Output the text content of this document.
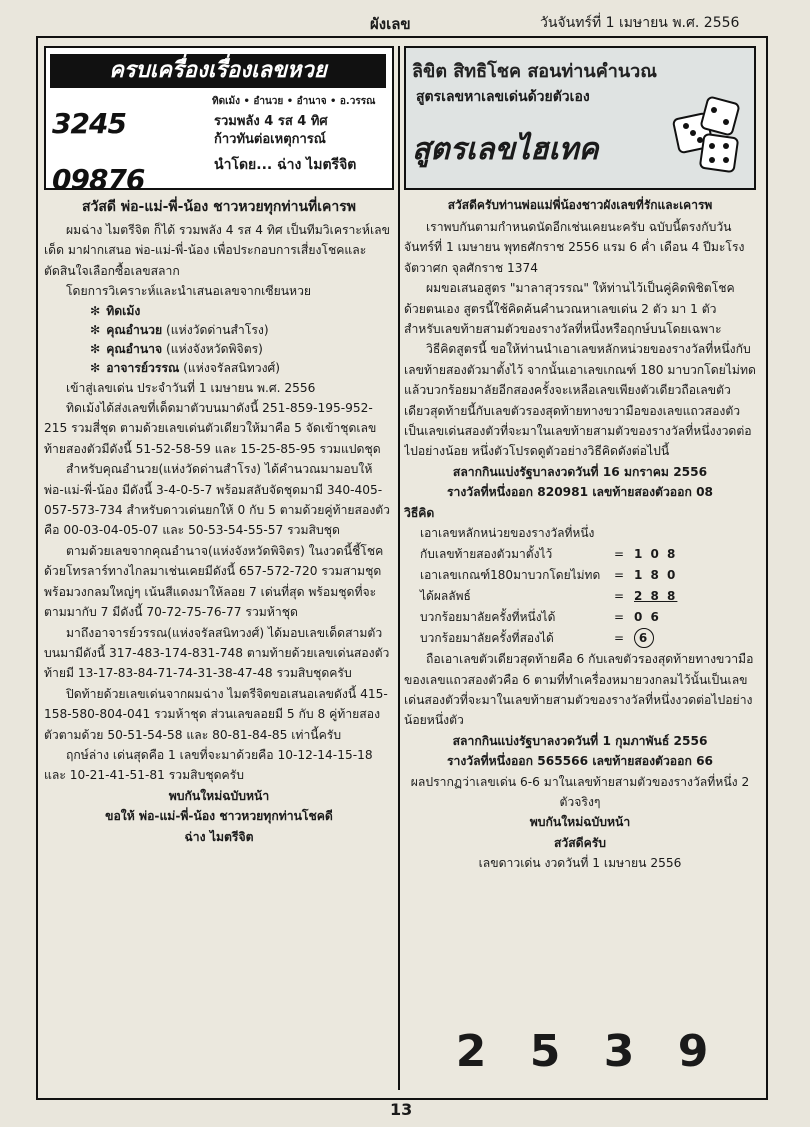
ผังเลข	วันจันทร์ที่ 1 เมษายน พ.ศ. 2556
ครบเครื่องเรื่องเลขหวย
3245 09876
ทิดเม้ง • อำนวย • อำนาจ • อ.วรรณ
รวมพลัง 4 รส 4 ทิศ
ก้าวทันต่อเหตุการณ์
นำโดย... ฉ่าง ไมตรีจิต
สวัสดี พ่อ-แม่-พี่-น้อง ชาวหวยทุกท่านที่เคารพ

ผมฉ่าง ไมตรีจิต ก็ได้ รวมพลัง 4 รส 4 ทิศ เป็นทีมวิเคราะห์เลขเด็ด มาฝากเสนอ พ่อ-แม่-พี่-น้อง เพื่อประกอบการเสี่ยงโชคและตัดสินใจเลือกซื้อเลขสลาก

โดยการวิเคราะห์และนำเสนอเลขจากเซียนหวย

✻ ทิดเม้ง
✻ คุณอำนวย (แห่งวัดด่านสำโรง)
✻ คุณอำนาจ (แห่งจังหวัดพิจิตร)
✻ อาจารย์วรรณ (แห่งจรัลสนิทวงศ์)

เข้าสู่เลขเด่น ประจำวันที่ 1 เมษายน พ.ศ. 2556

ทิดเม้งได้ส่งเลขที่เด็ดมาตัวบนมาดังนี้ 251-859-195-952-215 รวมสี่ชุด ตามด้วยเลขเด่นตัวเดียวให้มาคือ 5 จัดเข้าชุดเลขท้ายสองตัวมีดังนี้ 51-52-58-59 และ 15-25-85-95 รวมแปดชุด

สำหรับคุณอำนวย(แห่งวัดด่านสำโรง) ได้คำนวณมามอบให้ พ่อ-แม่-พี่-น้อง มีดังนี้ 3-4-0-5-7 พร้อมสลับจัดชุดมามี 340-405-057-573-734 สำหรับดาวเด่นยกให้ 0 กับ 5 ตามด้วยคู่ท้ายสองตัวคือ 00-03-04-05-07 และ 50-53-54-55-57 รวมสิบชุด

ตามด้วยเลขจากคุณอำนาจ(แห่งจังหวัดพิจิตร) ในงวดนี้ชี้โชคด้วยโทรลาร์ทางไกลมาเช่นเคยมีดังนี้ 657-572-720 รวมสามชุด พร้อมวงกลมใหญ่ๆ เน้นสีแดงมาให้ลอย 7 เด่นที่สุด พร้อมชุดที่จะตามมากับ 7 มีดังนี้ 70-72-75-76-77 รวมห้าชุด

มาถึงอาจารย์วรรณ(แห่งจรัลสนิทวงศ์) ได้มอบเลขเด็ดสามตัวบนมามีดังนี้ 317-483-174-831-748 ตามท้ายด้วยเลขเด่นสองตัวท้ายมี 13-17-83-84-71-74-31-38-47-48 รวมสิบชุดครับ

ปิดท้ายด้วยเลขเด่นจากผมฉ่าง ไมตรีจิตขอเสนอเลขดังนี้ 415-158-580-804-041 รวมห้าชุด ส่วนเลขลอยมี 5 กับ 8 คู่ท้ายสองตัวตามด้วย 50-51-54-58 และ 80-81-84-85 เท่านี้ครับ

ฤกษ์ล่าง เด่นสุดคือ 1 เลขที่จะมาด้วยคือ 10-12-14-15-18 และ 10-21-41-51-81 รวมสิบชุดครับ

พบกันใหม่ฉบับหน้า

ขอให้ พ่อ-แม่-พี่-น้อง ชาวหวยทุกท่านโชคดี

ฉ่าง ไมตรีจิต

ลิขิต สิทธิโชค สอนท่านคำนวณ
สูตรเลขหาเลขเด่นด้วยตัวเอง
สูตรเลขไฮเทค
สวัสดีครับท่านพ่อแม่พี่น้องชาวผังเลขที่รักและเคารพ

เราพบกันตามกำหนดนัดอีกเช่นเคยนะครับ ฉบับนี้ตรงกับวันจันทร์ที่ 1 เมษายน พุทธศักราช 2556 แรม 6 ค่ำ เดือน 4 ปีมะโรง จัตวาศก จุลศักราช 1374

ผมขอเสนอสูตร "มาลาสุวรรณ" ให้ท่านไว้เป็นคู่คิดพิชิตโชคด้วยตนเอง สูตรนี้ใช้คิดค้นคำนวณหาเลขเด่น 2 ตัว มา 1 ตัว สำหรับเลขท้ายสามตัวของรางวัลที่หนึ่งหรือฤกษ์บนโดยเฉพาะ

วิธีคิดสูตรนี้ ขอให้ท่านนำเอาเลขหลักหน่วยของรางวัลที่หนึ่งกับเลขท้ายสองตัวมาตั้งไว้ จากนั้นเอาเลขเกณฑ์ 180 มาบวกโดยไม่ทดแล้วบวกร้อยมาลัยอีกสองครั้งจะเหลือเลขเพียงตัวเดียวถือเลขตัวเดียวสุดท้ายนี้กับเลขตัวรองสุดท้ายทางขวามือของเลขแถวสองตัวเป็นเลขเด่นสองตัวที่จะมาในเลขท้ายสามตัวของรางวัลที่หนึ่งงวดต่อไปอย่างน้อย หนึ่งตัวโปรดดูตัวอย่างวิธีคิดดังต่อไปนี้

สลากกินแบ่งรัฐบาลงวดวันที่ 16 มกราคม 2556

รางวัลที่หนึ่งออก 820981 เลขท้ายสองตัวออก 08

วิธีคิด

เอาเลขหลักหน่วยของรางวัลที่หนึ่ง
กับเลขท้ายสองตัวมาตั้งไว้	= 1 0 8
เอาเลขเกณฑ์180มาบวกโดยไม่ทด = 1 8 0
ได้ผลลัพธ์	= 2 8 8
บวกร้อยมาลัยครั้งที่หนึ่งได้	= 0 6
บวกร้อยมาลัยครั้งที่สองได้	=	6

ถือเอาเลขตัวเดียวสุดท้ายคือ 6 กับเลขตัวรองสุดท้ายทางขวามือของเลขแถวสองตัวคือ 6 ตามที่ทำเครื่องหมายวงกลมไว้นั้นเป็นเลขเด่นสองตัวที่จะมาในเลขท้ายสามตัวของรางวัลที่หนึ่งงวดต่อไปอย่างน้อยหนึ่งตัว

สลากกินแบ่งรัฐบาลงวดวันที่ 1 กุมภาพันธ์ 2556

รางวัลที่หนึ่งออก 565566 เลขท้ายสองตัวออก 66

ผลปรากฏว่าเลขเด่น 6-6 มาในเลขท้ายสามตัวของรางวัลที่หนึ่ง 2 ตัวจริงๆ

พบกันใหม่ฉบับหน้า

สวัสดีครับ

เลขดาวเด่น งวดวันที่ 1 เมษายน 2556

2 5 3 9
13
